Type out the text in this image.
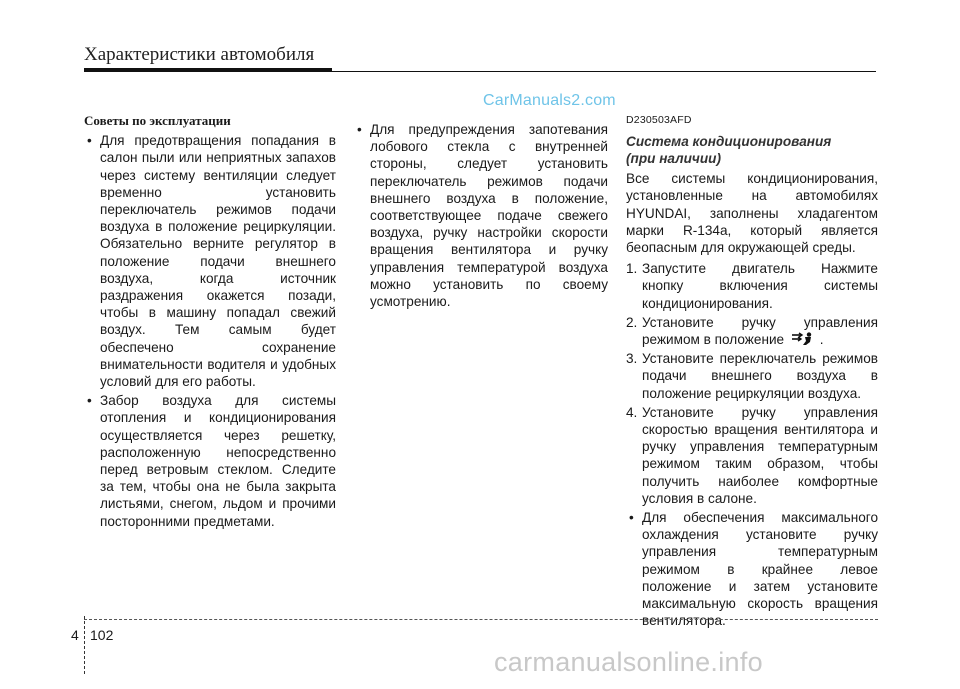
Характеристики автомобиля
CarManuals2.com
Советы по эксплуатации
• Для предотвращения попадания в салон пыли или неприятных запахов через систему вентиляции следует временно установить переключатель режимов подачи воздуха в положение рециркуляции. Обязательно верните регулятор в положение подачи внешнего воздуха, когда источник раздражения окажется позади, чтобы в машину попадал свежий воздух. Тем самым будет обеспечено сохранение внимательности водителя и удобных условий для его работы.
• Забор воздуха для системы отопления и кондиционирования осуществляется через решетку, расположенную непосредственно перед ветровым стеклом. Следите за тем, чтобы она не была закрыта листьями, снегом, льдом и прочими посторонними предметами.
• Для предупреждения запотевания лобового стекла с внутренней стороны, следует установить переключатель режимов подачи внешнего воздуха в положение, соответствующее подаче свежего воздуха, ручку настройки скорости вращения вентилятора и ручку управления температурой воздуха можно установить по своему усмотрению.
D230503AFD
Система кондиционирования
(при наличии)
Все системы кондиционирования, установленные на автомобилях HYUNDAI, заполнены хладагентом марки R-134a, который является беопасным для окружающей среды.
1. Запустите двигатель Нажмите кнопку включения системы кондиционирования.
2. Установите ручку управления режимом в положение	.
3. Установите переключатель режимов подачи внешнего воздуха в положение рециркуляции воздуха.
4. Установите ручку управления скоростью вращения вентилятора и ручку управления температурным режимом таким образом, чтобы получить наиболее комфортные условия в салоне.
• Для обеспечения максимального охлаждения установите ручку управления температурным режимом в крайнее левое положение и затем установите максимальную скорость вращения вентилятора.
4 102
carmanualsonline.info
